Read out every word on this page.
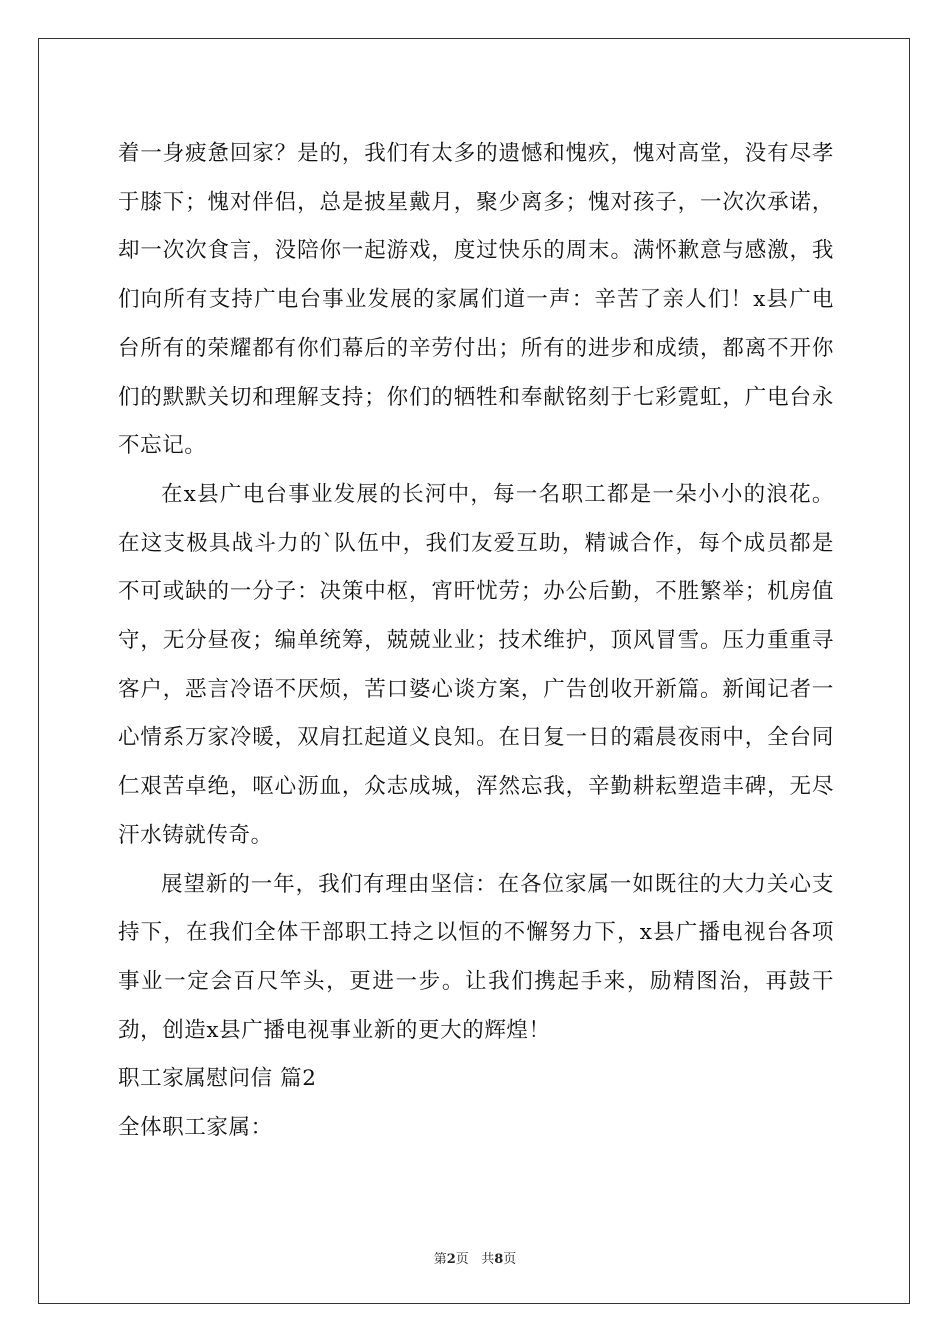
着一身疲惫回家？是的，我们有太多的遗憾和愧疚，愧对高堂，没有尽孝于膝下；愧对伴侣，总是披星戴月，聚少离多；愧对孩子，一次次承诺，却一次次食言，没陪你一起游戏，度过快乐的周末。满怀歉意与感激，我们向所有支持广电台事业发展的家属们道一声：辛苦了亲人们！x县广电台所有的荣耀都有你们幕后的辛劳付出；所有的进步和成绩，都离不开你们的默默关切和理解支持；你们的牺牲和奉献铭刻于七彩霓虹，广电台永不忘记。

在x县广电台事业发展的长河中，每一名职工都是一朵小小的浪花。在这支极具战斗力的`队伍中，我们友爱互助，精诚合作，每个成员都是不可或缺的一分子：决策中枢，宵旰忧劳；办公后勤，不胜繁举；机房值守，无分昼夜；编单统筹，兢兢业业；技术维护，顶风冒雪。压力重重寻客户，恶言冷语不厌烦，苦口婆心谈方案，广告创收开新篇。新闻记者一心情系万家冷暖，双肩扛起道义良知。在日复一日的霜晨夜雨中，全台同仁艰苦卓绝，呕心沥血，众志成城，浑然忘我，辛勤耕耘塑造丰碑，无尽汗水铸就传奇。

展望新的一年，我们有理由坚信：在各位家属一如既往的大力关心支持下，在我们全体干部职工持之以恒的不懈努力下，x县广播电视台各项事业一定会百尺竿头，更进一步。让我们携起手来，励精图治，再鼓干劲，创造x县广播电视事业新的更大的辉煌！

职工家属慰问信 篇2

全体职工家属：

第2页 共8页
